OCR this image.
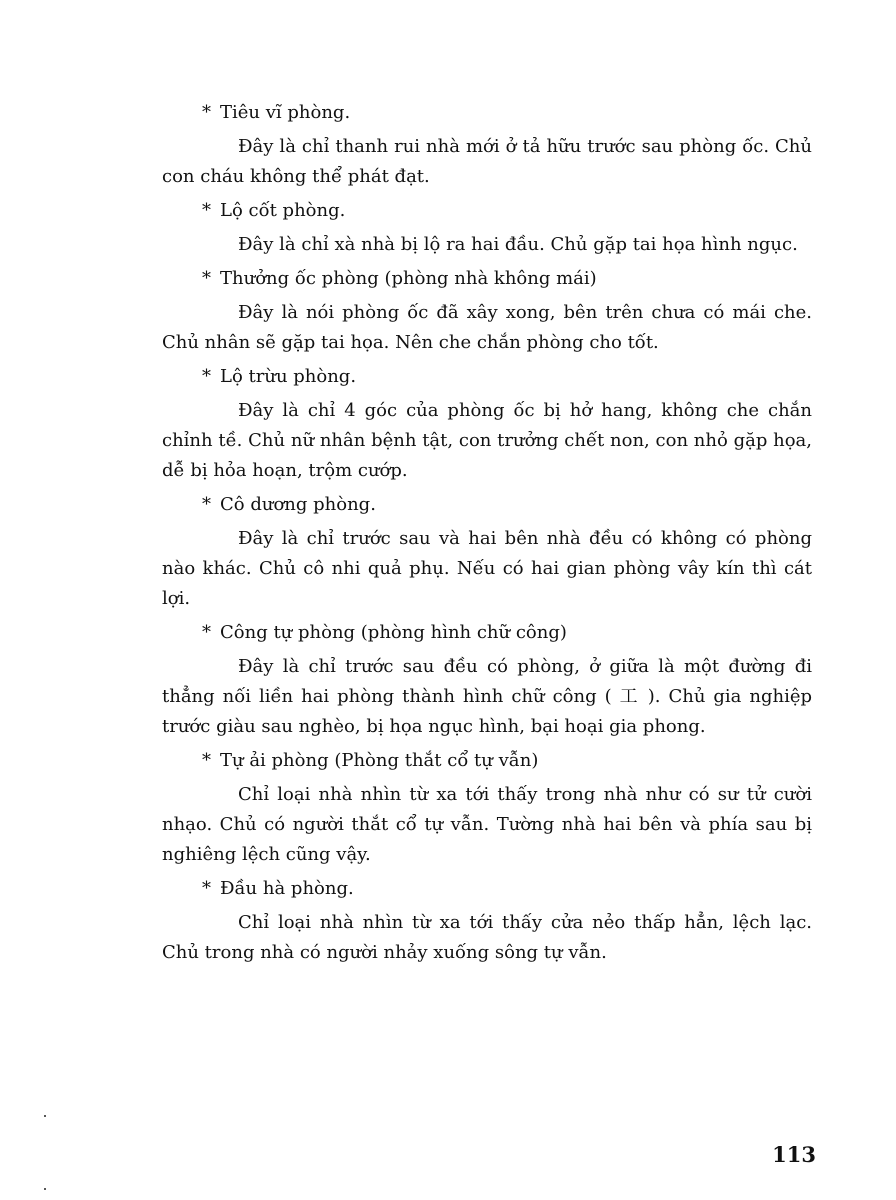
* Tiêu vĩ phòng.

Đây là chỉ thanh rui nhà mới ở tả hữu trước sau phòng ốc. Chủ con cháu không thể phát đạt.

* Lộ cốt phòng.

Đây là chỉ xà nhà bị lộ ra hai đầu. Chủ gặp tai họa hình ngục.

* Thưởng ốc phòng (phòng nhà không mái)

Đây là nói phòng ốc đã xây xong, bên trên chưa có mái che. Chủ nhân sẽ gặp tai họa. Nên che chắn phòng cho tốt.

* Lộ trừu phòng.

Đây là chỉ 4 góc của phòng ốc bị hở hang, không che chắn chỉnh tề. Chủ nữ nhân bệnh tật, con trưởng chết non, con nhỏ gặp họa, dễ bị hỏa hoạn, trộm cướp.

* Cô dương phòng.

Đây là chỉ trước sau và hai bên nhà đều có không có phòng nào khác. Chủ cô nhi quả phụ. Nếu có hai gian phòng vây kín thì cát lợi.

* Công tự phòng (phòng hình chữ công)

Đây là chỉ trước sau đều có phòng, ở giữa là một đường đi thẳng nối liền hai phòng thành hình chữ công ( 工 ). Chủ gia nghiệp trước giàu sau nghèo, bị họa ngục hình, bại hoại gia phong.

* Tự ải phòng (Phòng thắt cổ tự vẫn)

Chỉ loại nhà nhìn từ xa tới thấy trong nhà như có sư tử cười nhạo. Chủ có người thắt cổ tự vẫn. Tường nhà hai bên và phía sau bị nghiêng lệch cũng vậy.

* Đầu hà phòng.

Chỉ loại nhà nhìn từ xa tới thấy cửa nẻo thấp hẳn, lệch lạc. Chủ trong nhà có người nhảy xuống sông tự vẫn.

113
